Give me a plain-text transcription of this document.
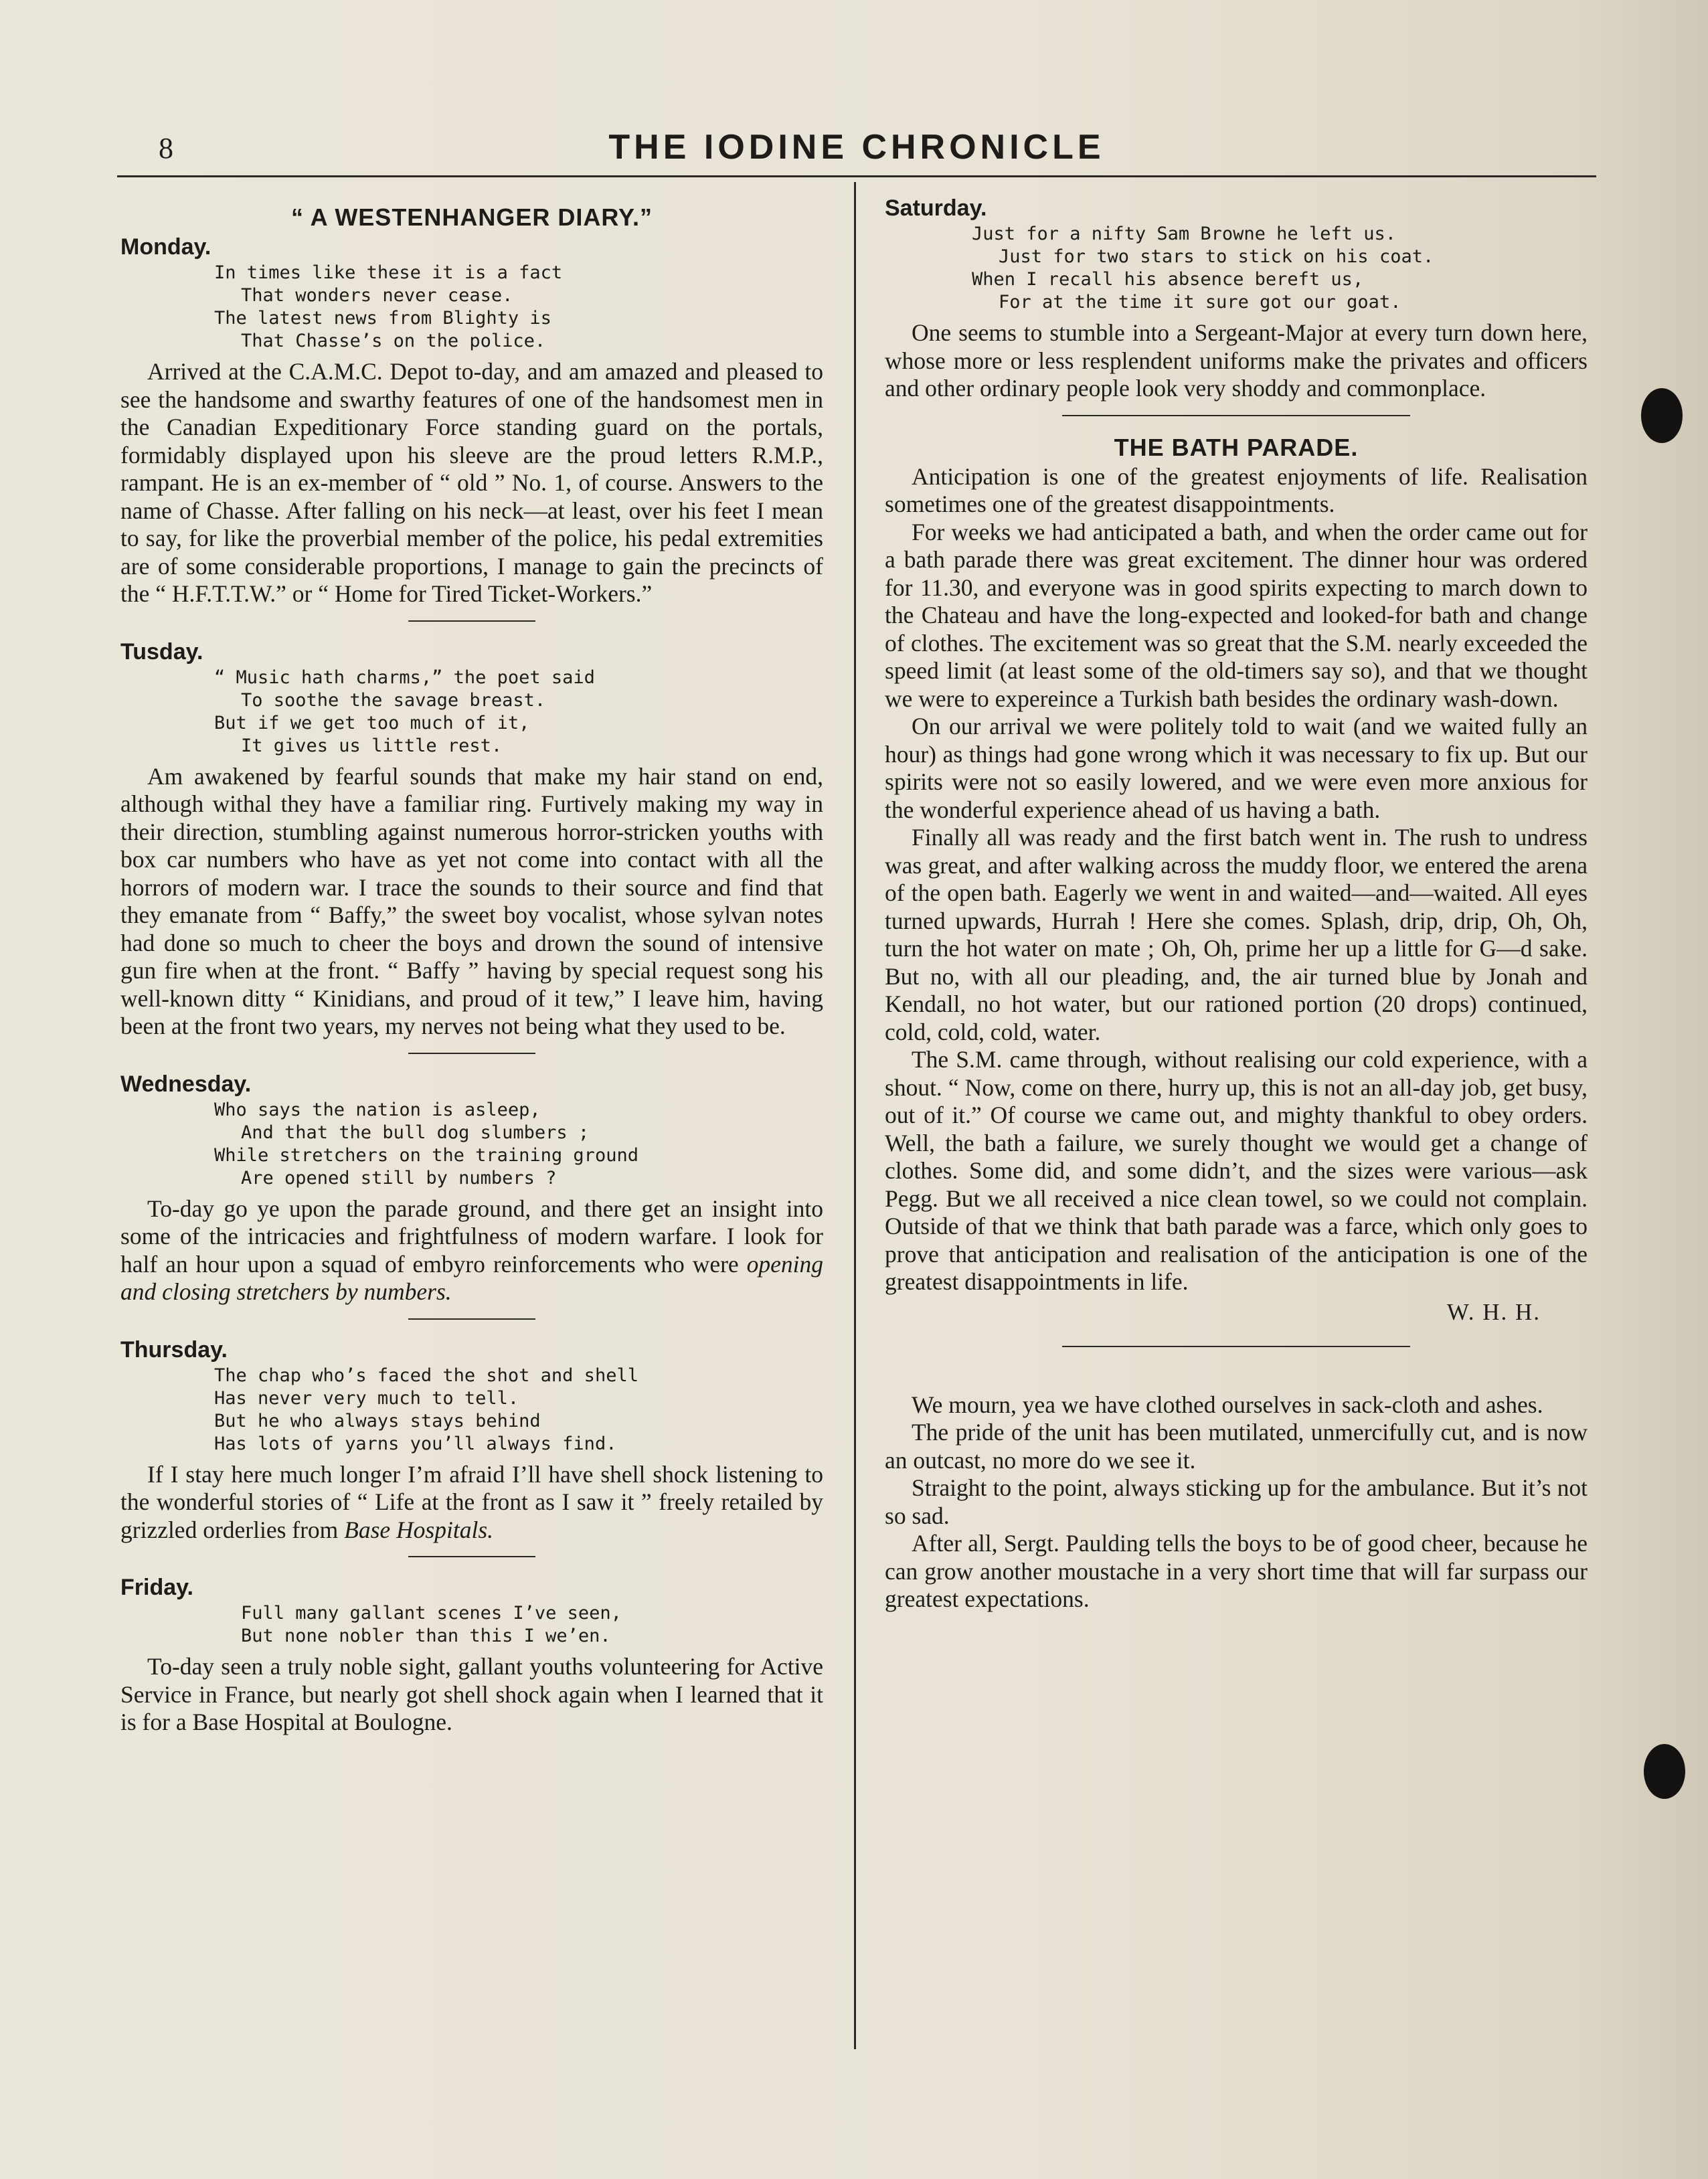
8	THE IODINE CHRONICLE
“ A WESTENHANGER DIARY.”
Monday.
In times like these it is a fact
That wonders never cease.
The latest news from Blighty is
That Chasse’s on the police.

Arrived at the C.A.M.C. Depot to-day, and am amazed and pleased to see the handsome and swarthy features of one of the handsomest men in the Canadian Expeditionary Force standing guard on the portals, formidably displayed upon his sleeve are the proud letters R.M.P., rampant. He is an ex-member of “ old ” No. 1, of course. Answers to the name of Chasse. After falling on his neck—at least, over his feet I mean to say, for like the proverbial member of the police, his pedal extremities are of some considerable proportions, I manage to gain the precincts of the “ H.F.T.T.W.” or “ Home for Tired Ticket-Workers.”

Tusday.
“ Music hath charms,” the poet said
To soothe the savage breast.
But if we get too much of it,
It gives us little rest.

Am awakened by fearful sounds that make my hair stand on end, although withal they have a familiar ring. Furtively making my way in their direction, stumbling against numerous horror-stricken youths with box car numbers who have as yet not come into contact with all the horrors of modern war. I trace the sounds to their source and find that they emanate from “ Baffy,” the sweet boy vocalist, whose sylvan notes had done so much to cheer the boys and drown the sound of intensive gun fire when at the front. “ Baffy ” having by special request song his well-known ditty “ Kinidians, and proud of it tew,” I leave him, having been at the front two years, my nerves not being what they used to be.

Wednesday.
Who says the nation is asleep,
And that the bull dog slumbers ;
While stretchers on the training ground
Are opened still by numbers ?

To-day go ye upon the parade ground, and there get an insight into some of the intricacies and frightfulness of modern warfare. I look for half an hour upon a squad of embyro reinforcements who were opening and closing stretchers by numbers.

Thursday.
The chap who’s faced the shot and shell
Has never very much to tell.
But he who always stays behind
Has lots of yarns you’ll always find.

If I stay here much longer I’m afraid I’ll have shell shock listening to the wonderful stories of “ Life at the front as I saw it ” freely retailed by grizzled orderlies from Base Hospitals.

Friday.
Full many gallant scenes I’ve seen,
But none nobler than this I we’en.

To-day seen a truly noble sight, gallant youths volunteering for Active Service in France, but nearly got shell shock again when I learned that it is for a Base Hospital at Boulogne.

Saturday.
Just for a nifty Sam Browne he left us.
Just for two stars to stick on his coat.
When I recall his absence bereft us,
For at the time it sure got our goat.

One seems to stumble into a Sergeant-Major at every turn down here, whose more or less resplendent uniforms make the privates and officers and other ordinary people look very shoddy and commonplace.

THE BATH PARADE.

Anticipation is one of the greatest enjoyments of life. Realisation sometimes one of the greatest disappointments.

For weeks we had anticipated a bath, and when the order came out for a bath parade there was great excitement. The dinner hour was ordered for 11.30, and everyone was in good spirits expecting to march down to the Chateau and have the long-expected and looked-for bath and change of clothes. The excitement was so great that the S.M. nearly exceeded the speed limit (at least some of the old-timers say so), and that we thought we were to expereince a Turkish bath besides the ordinary wash-down.

On our arrival we were politely told to wait (and we waited fully an hour) as things had gone wrong which it was necessary to fix up. But our spirits were not so easily lowered, and we were even more anxious for the wonderful experience ahead of us having a bath.

Finally all was ready and the first batch went in. The rush to undress was great, and after walking across the muddy floor, we entered the arena of the open bath. Eagerly we went in and waited—and—waited. All eyes turned upwards, Hurrah ! Here she comes. Splash, drip, drip, Oh, Oh, turn the hot water on mate ; Oh, Oh, prime her up a little for G—d sake. But no, with all our pleading, and, the air turned blue by Jonah and Kendall, no hot water, but our rationed portion (20 drops) continued, cold, cold, cold, water.

The S.M. came through, without realising our cold experience, with a shout. “ Now, come on there, hurry up, this is not an all-day job, get busy, out of it.” Of course we came out, and mighty thankful to obey orders. Well, the bath a failure, we surely thought we would get a change of clothes. Some did, and some didn’t, and the sizes were various—ask Pegg. But we all received a nice clean towel, so we could not complain. Outside of that we think that bath parade was a farce, which only goes to prove that anticipation and realisation of the anticipation is one of the greatest disappointments in life.

W. H. H.

We mourn, yea we have clothed ourselves in sack-cloth and ashes.

The pride of the unit has been mutilated, unmercifully cut, and is now an outcast, no more do we see it.

Straight to the point, always sticking up for the ambulance. But it’s not so sad.

After all, Sergt. Paulding tells the boys to be of good cheer, because he can grow another moustache in a very short time that will far surpass our greatest expectations.
